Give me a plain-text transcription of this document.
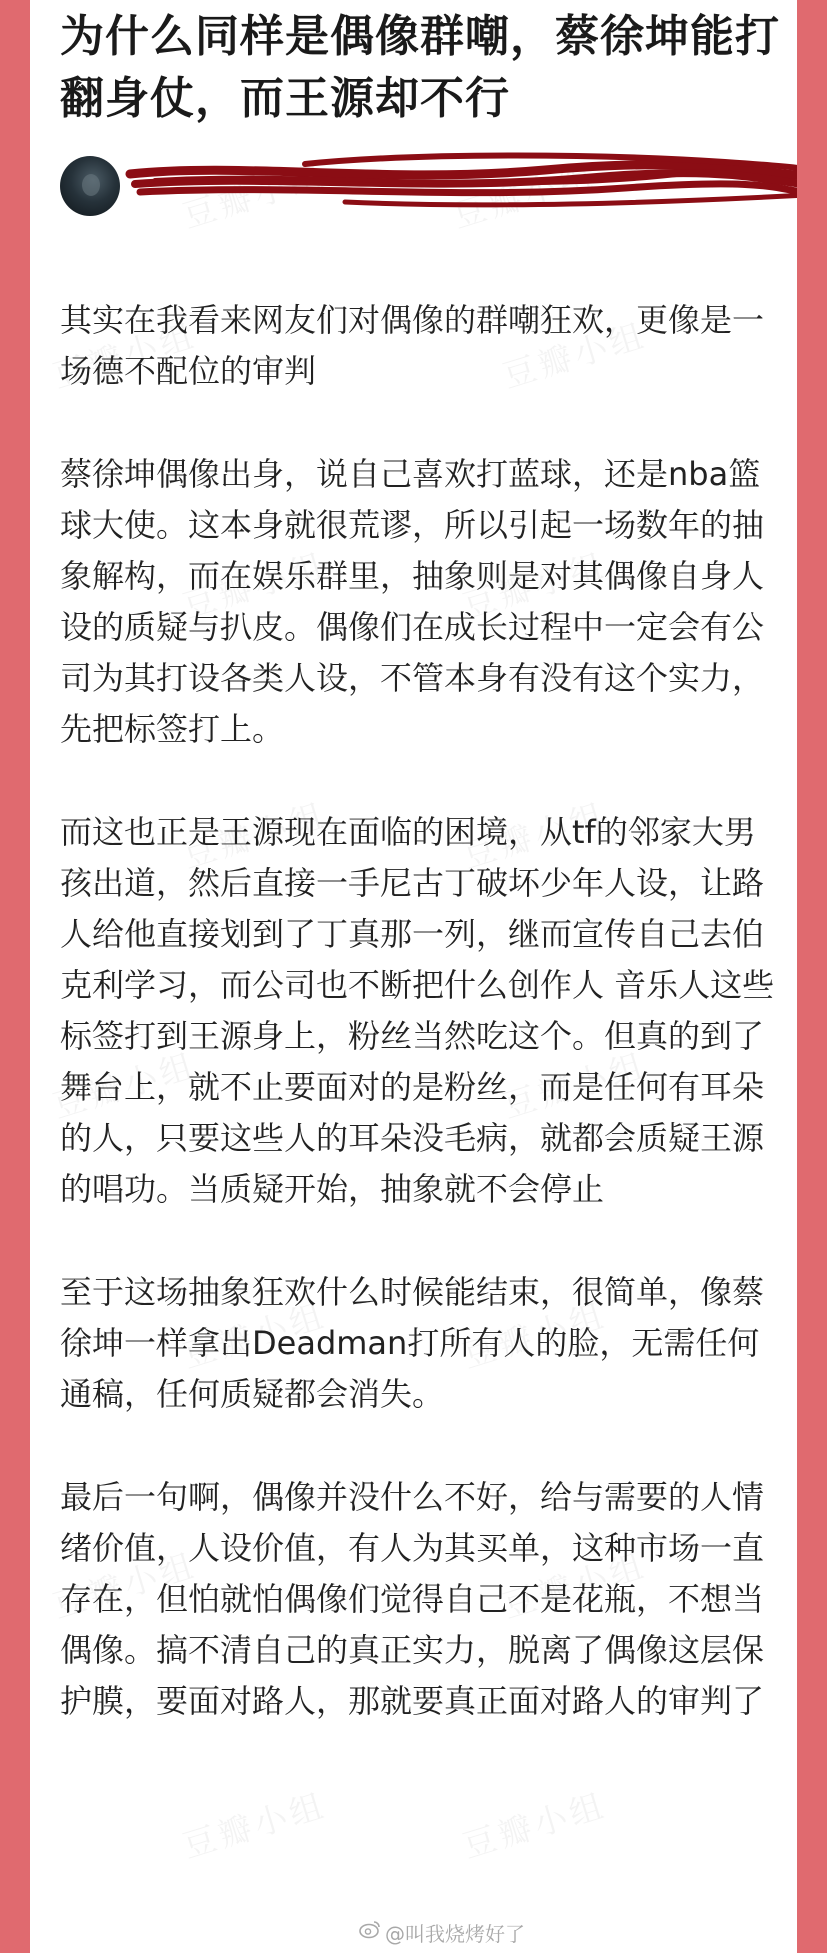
为什么同样是偶像群嘲，蔡徐坤能打翻身仗，而王源却不行

其实在我看来网友们对偶像的群嘲狂欢，更像是一场德不配位的审判

蔡徐坤偶像出身，说自己喜欢打蓝球，还是nba篮球大使。这本身就很荒谬，所以引起一场数年的抽象解构，而在娱乐群里，抽象则是对其偶像自身人设的质疑与扒皮。偶像们在成长过程中一定会有公司为其打设各类人设，不管本身有没有这个实力，先把标签打上。

而这也正是王源现在面临的困境，从tf的邻家大男孩出道，然后直接一手尼古丁破坏少年人设，让路人给他直接划到了丁真那一列，继而宣传自己去伯克利学习，而公司也不断把什么创作人 音乐人这些标签打到王源身上，粉丝当然吃这个。但真的到了舞台上，就不止要面对的是粉丝，而是任何有耳朵的人，只要这些人的耳朵没毛病，就都会质疑王源的唱功。当质疑开始，抽象就不会停止

至于这场抽象狂欢什么时候能结束，很简单，像蔡徐坤一样拿出Deadman打所有人的脸，无需任何通稿，任何质疑都会消失。

最后一句啊，偶像并没什么不好，给与需要的人情绪价值，人设价值，有人为其买单，这种市场一直存在，但怕就怕偶像们觉得自己不是花瓶，不想当偶像。搞不清自己的真正实力，脱离了偶像这层保护膜，要面对路人，那就要真正面对路人的审判了

@叫我烧烤好了
